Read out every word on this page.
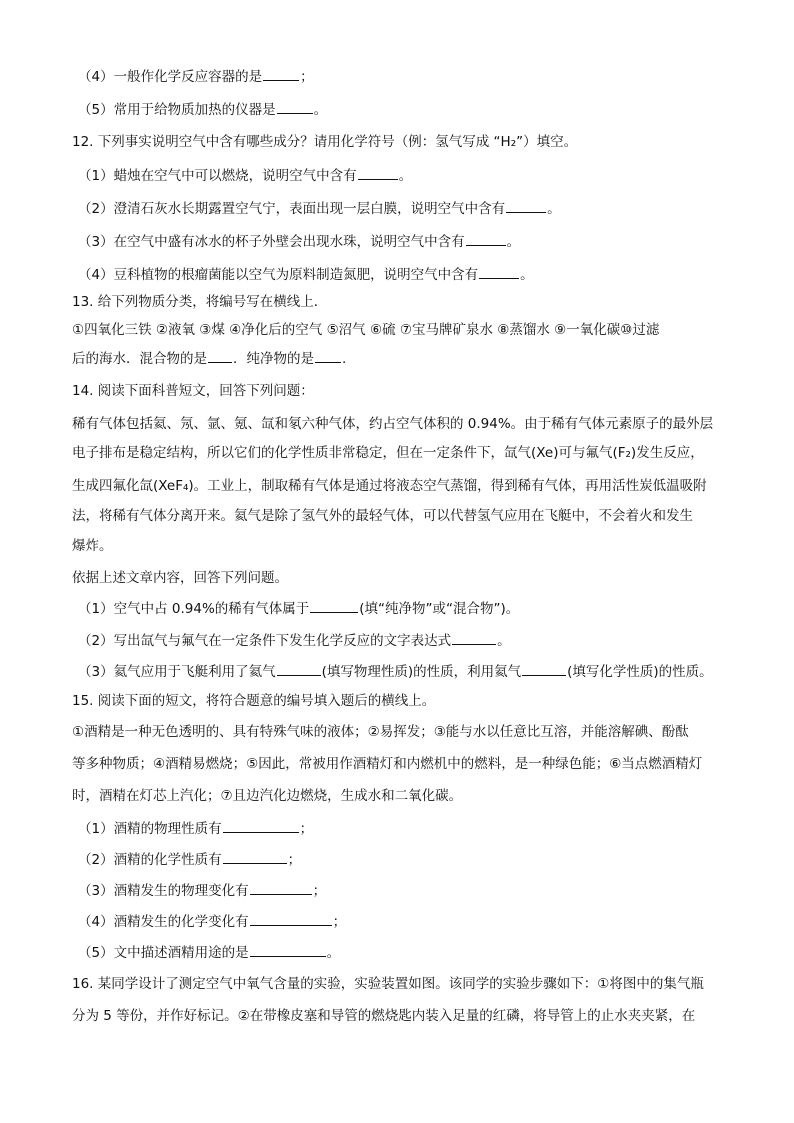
（4）一般作化学反应容器的是	；
（5）常用于给物质加热的仪器是	。
12. 下列事实说明空气中含有哪些成分？请用化学符号（例：氢气写成 “H₂”）填空。
（1）蜡烛在空气中可以燃烧，说明空气中含有	。
（2）澄清石灰水长期露置空气宁，表面出现一层白膜，说明空气中含有	。
（3）在空气中盛有冰水的杯子外壁会出现水珠，说明空气中含有	。
（4）豆科植物的根瘤菌能以空气为原料制造氮肥，说明空气中含有	。
13. 给下列物质分类，将编号写在横线上．
①四氧化三铁 ②液氧 ③煤 ④净化后的空气 ⑤沼气 ⑥硫 ⑦宝马牌矿泉水 ⑧蒸馏水 ⑨一氧化碳⑩过滤
后的海水．混合物的是 ．纯净物的是 .
14. 阅读下面科普短文，回答下列问题：
稀有气体包括氦、氖、氩、氪、氙和氡六种气体，约占空气体积的 0.94%。由于稀有气体元素原子的最外层
电子排布是稳定结构，所以它们的化学性质非常稳定，但在一定条件下，氙气(Xe)可与氟气(F₂)发生反应，
生成四氟化氙(XeF₄)。工业上，制取稀有气体是通过将液态空气蒸馏，得到稀有气体，再用活性炭低温吸附
法，将稀有气体分离开来。氦气是除了氢气外的最轻气体，可以代替氢气应用在飞艇中，不会着火和发生
爆炸。
依据上述文章内容，回答下列问题。
（1）空气中占 0.94%的稀有气体属于	(填“纯净物”或“混合物”)。
（2）写出氙气与氟气在一定条件下发生化学反应的文字表达式	。
（3）氦气应用于飞艇利用了氦气	(填写物理性质)的性质，利用氦气	(填写化学性质)的性质。
15. 阅读下面的短文，将符合题意的编号填入题后的横线上。
①酒精是一种无色透明的、具有特殊气味的液体；②易挥发；③能与水以任意比互溶，并能溶解碘、酚酞
等多种物质；④酒精易燃烧；⑤因此，常被用作酒精灯和内燃机中的燃料，是一种绿色能；⑥当点燃酒精灯
时，酒精在灯芯上汽化；⑦且边汽化边燃烧，生成水和二氧化碳。
（1）酒精的物理性质有	；
（2）酒精的化学性质有	；
（3）酒精发生的物理变化有	；
（4）酒精发生的化学变化有	；
（5）文中描述酒精用途的是	。
16. 某同学设计了测定空气中氧气含量的实验，实验装置如图。该同学的实验步骤如下：①将图中的集气瓶
分为 5 等份，并作好标记。②在带橡皮塞和导管的燃烧匙内装入足量的红磷，将导管上的止水夹夹紧，在
